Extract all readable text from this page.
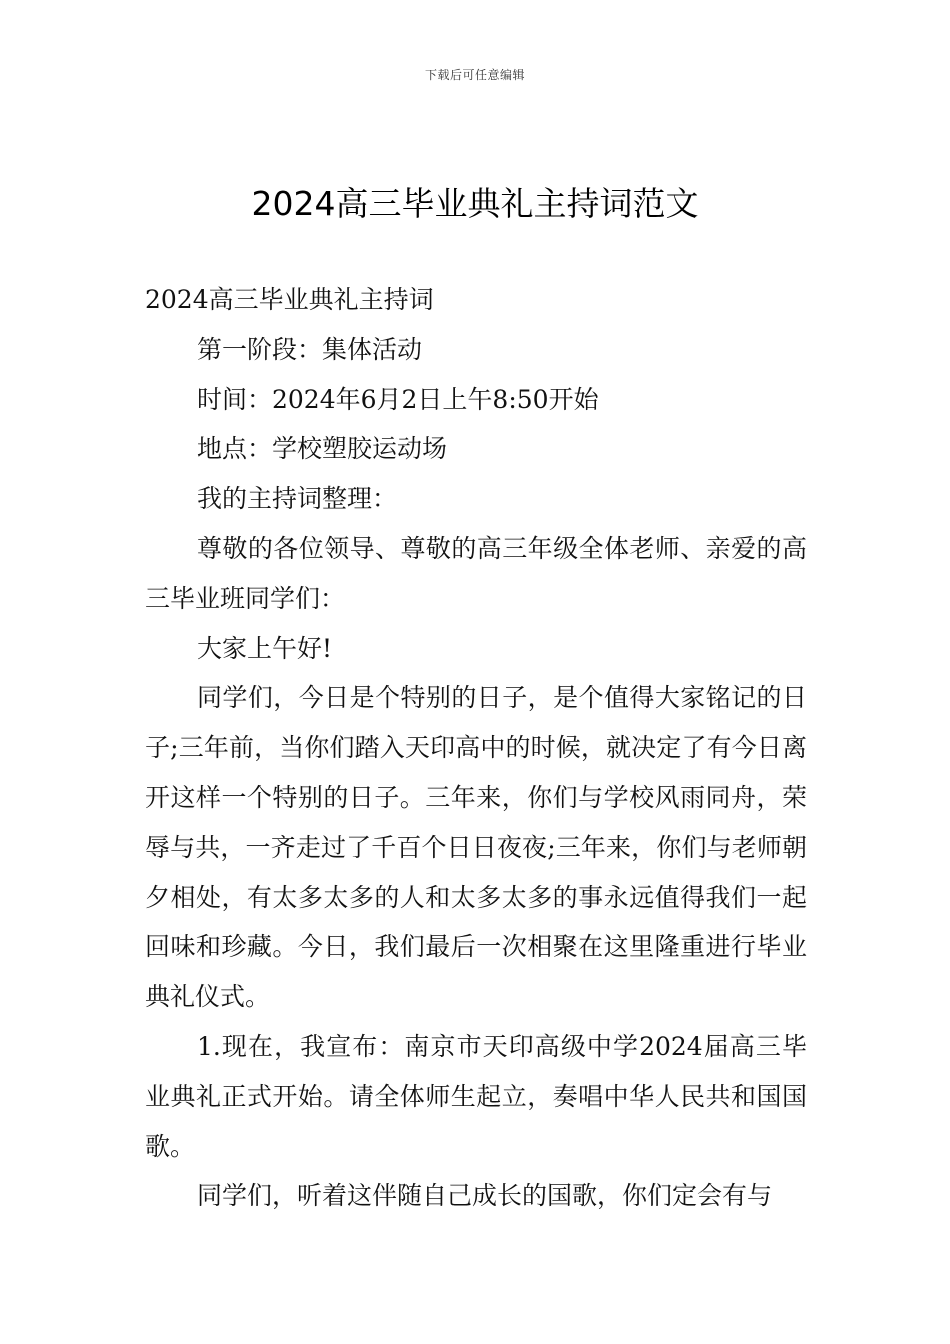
下载后可任意编辑
2024高三毕业典礼主持词范文

2024高三毕业典礼主持词

第一阶段：集体活动

时间：2024年6月2日上午8:50开始

地点：学校塑胶运动场

我的主持词整理：

尊敬的各位领导、尊敬的高三年级全体老师、亲爱的高三毕业班同学们：

大家上午好!

同学们，今日是个特别的日子，是个值得大家铭记的日子;三年前，当你们踏入天印高中的时候，就决定了有今日离开这样一个特别的日子。三年来，你们与学校风雨同舟，荣辱与共，一齐走过了千百个日日夜夜;三年来，你们与老师朝夕相处，有太多太多的人和太多太多的事永远值得我们一起回味和珍藏。今日，我们最后一次相聚在这里隆重进行毕业典礼仪式。

1.现在，我宣布：南京市天印高级中学2024届高三毕业典礼正式开始。请全体师生起立，奏唱中华人民共和国国歌。

同学们，听着这伴随自己成长的国歌，你们定会有与
